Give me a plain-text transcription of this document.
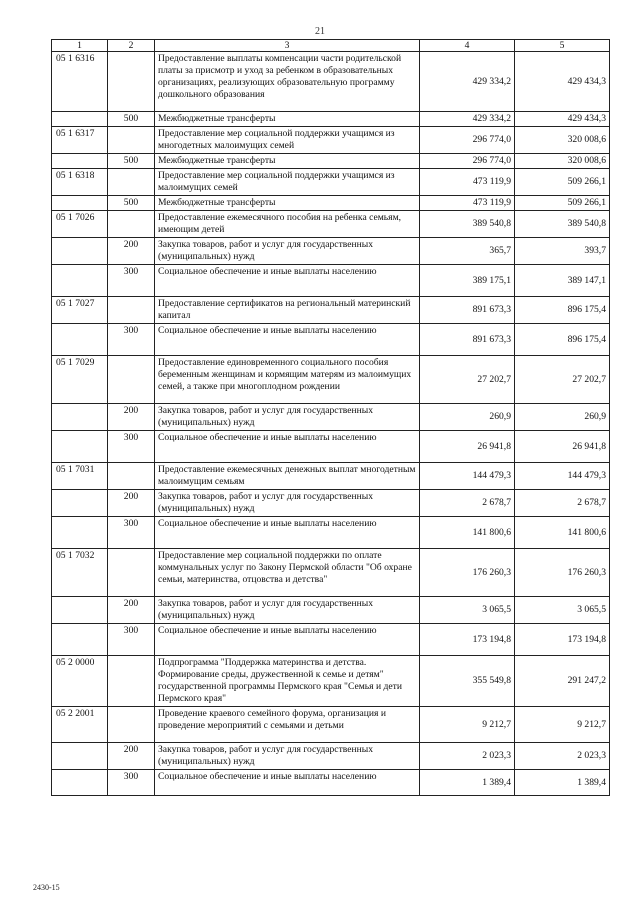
21
1	2	3	4	5
05 1 6316		Предоставление выплаты компенсации части родительской платы за присмотр и уход за ребенком в образовательных организациях, реализующих образовательную программу дошкольного образования	429 334,2	429 434,3
	500	Межбюджетные трансферты	429 334,2	429 434,3
05 1 6317		Предоставление мер социальной поддержки учащимся из многодетных малоимущих семей	296 774,0	320 008,6
	500	Межбюджетные трансферты	296 774,0	320 008,6
05 1 6318		Предоставление мер социальной поддержки учащимся из малоимущих семей	473 119,9	509 266,1
	500	Межбюджетные трансферты	473 119,9	509 266,1
05 1 7026		Предоставление ежемесячного пособия на ребенка семьям, имеющим детей	389 540,8	389 540,8
	200	Закупка товаров, работ и услуг для государственных (муниципальных) нужд	365,7	393,7
	300	Социальное обеспечение и иные выплаты населению	389 175,1	389 147,1
05 1 7027		Предоставление сертификатов на региональный материнский капитал	891 673,3	896 175,4
	300	Социальное обеспечение и иные выплаты населению	891 673,3	896 175,4
05 1 7029		Предоставление единовременного социального пособия беременным женщинам и кормящим матерям из малоимущих семей, а также при многоплодном рождении	27 202,7	27 202,7
	200	Закупка товаров, работ и услуг для государственных (муниципальных) нужд	260,9	260,9
	300	Социальное обеспечение и иные выплаты населению	26 941,8	26 941,8
05 1 7031		Предоставление ежемесячных денежных выплат многодетным малоимущим семьям	144 479,3	144 479,3
	200	Закупка товаров, работ и услуг для государственных (муниципальных) нужд	2 678,7	2 678,7
	300	Социальное обеспечение и иные выплаты населению	141 800,6	141 800,6
05 1 7032		Предоставление мер социальной поддержки по оплате коммунальных услуг по Закону Пермской области "Об охране семьи, материнства, отцовства и детства"	176 260,3	176 260,3
	200	Закупка товаров, работ и услуг для государственных (муниципальных) нужд	3 065,5	3 065,5
	300	Социальное обеспечение и иные выплаты населению	173 194,8	173 194,8
05 2 0000		Подпрограмма "Поддержка материнства и детства. Формирование среды, дружественной к семье и детям" государственной программы Пермского края "Семья и дети Пермского края"	355 549,8	291 247,2
05 2 2001		Проведение краевого семейного форума, организация и проведение мероприятий с семьями и детьми	9 212,7	9 212,7
	200	Закупка товаров, работ и услуг для государственных (муниципальных) нужд	2 023,3	2 023,3
	300	Социальное обеспечение и иные выплаты населению	1 389,4	1 389,4
2430-15
